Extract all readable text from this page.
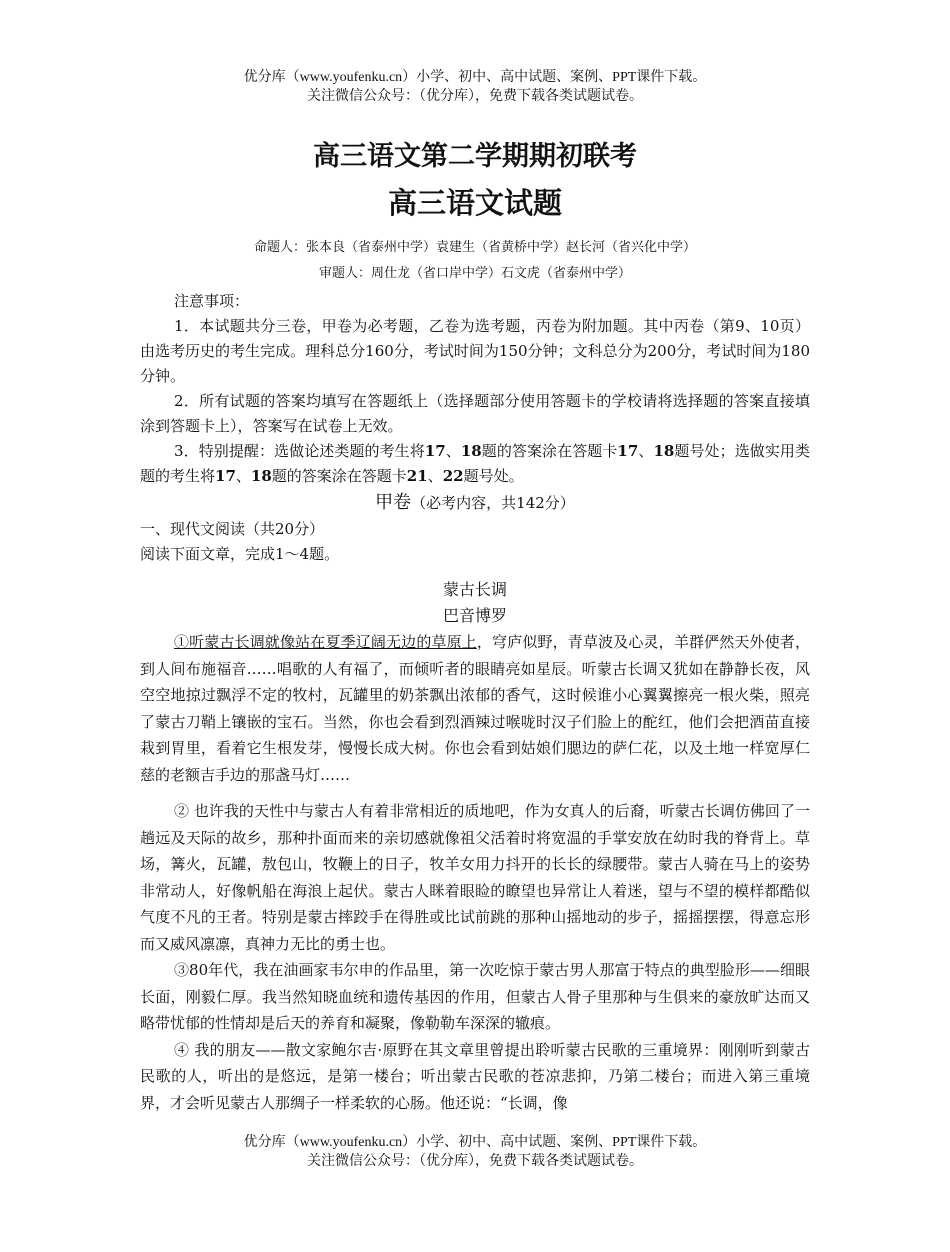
优分库（www.youfenku.cn）小学、初中、高中试题、案例、PPT课件下载。
关注微信公众号：（优分库），免费下载各类试题试卷。
高三语文第二学期期初联考
高三语文试题
命题人：张本良（省泰州中学）袁建生（省黄桥中学）赵长河（省兴化中学）
审题人：周仕龙（省口岸中学）石文虎（省泰州中学）

注意事项：

1．本试题共分三卷，甲卷为必考题，乙卷为选考题，丙卷为附加题。其中丙卷（第9、10页）由选考历史的考生完成。理科总分160分，考试时间为150分钟；文科总分为200分，考试时间为180分钟。

2．所有试题的答案均填写在答题纸上（选择题部分使用答题卡的学校请将选择题的答案直接填涂到答题卡上），答案写在试卷上无效。

3．特别提醒：选做论述类题的考生将17、18题的答案涂在答题卡17、18题号处；选做实用类题的考生将17、18题的答案涂在答题卡21、22题号处。

甲卷（必考内容，共142分）

一、现代文阅读（共20分）

阅读下面文章，完成1～4题。

蒙古长调

巴音博罗

①听蒙古长调就像站在夏季辽阔无边的草原上，穹庐似野，青草波及心灵，羊群俨然天外使者，到人间布施福音……唱歌的人有福了，而倾听者的眼睛亮如星辰。听蒙古长调又犹如在静静长夜，风空空地掠过飘浮不定的牧村，瓦罐里的奶茶飘出浓郁的香气，这时候谁小心翼翼擦亮一根火柴，照亮了蒙古刀鞘上镶嵌的宝石。当然，你也会看到烈酒辣过喉咙时汉子们脸上的酡红，他们会把酒苗直接栽到胃里，看着它生根发芽，慢慢长成大树。你也会看到姑娘们腮边的萨仁花，以及土地一样宽厚仁慈的老额吉手边的那盏马灯……

② 也许我的天性中与蒙古人有着非常相近的质地吧，作为女真人的后裔，听蒙古长调仿佛回了一趟远及天际的故乡，那种扑面而来的亲切感就像祖父活着时将宽温的手掌安放在幼时我的脊背上。草场，篝火，瓦罐，敖包山，牧鞭上的日子，牧羊女用力抖开的长长的绿腰带。蒙古人骑在马上的姿势非常动人，好像帆船在海浪上起伏。蒙古人眯着眼睑的瞭望也异常让人着迷，望与不望的模样都酷似气度不凡的王者。特别是蒙古摔跤手在得胜或比试前跳的那种山摇地动的步子，摇摇摆摆，得意忘形而又威风凛凛，真神力无比的勇士也。

③80年代，我在油画家韦尔申的作品里，第一次吃惊于蒙古男人那富于特点的典型脸形——细眼长面，刚毅仁厚。我当然知晓血统和遗传基因的作用，但蒙古人骨子里那种与生俱来的豪放旷达而又略带忧郁的性情却是后天的养育和凝聚，像勒勒车深深的辙痕。

④ 我的朋友——散文家鲍尔吉·原野在其文章里曾提出聆听蒙古民歌的三重境界：刚刚听到蒙古民歌的人，听出的是悠远，是第一楼台；听出蒙古民歌的苍凉悲抑，乃第二楼台；而进入第三重境界，才会听见蒙古人那绸子一样柔软的心肠。他还说：“长调，像

优分库（www.youfenku.cn）小学、初中、高中试题、案例、PPT课件下载。
关注微信公众号：（优分库），免费下载各类试题试卷。
